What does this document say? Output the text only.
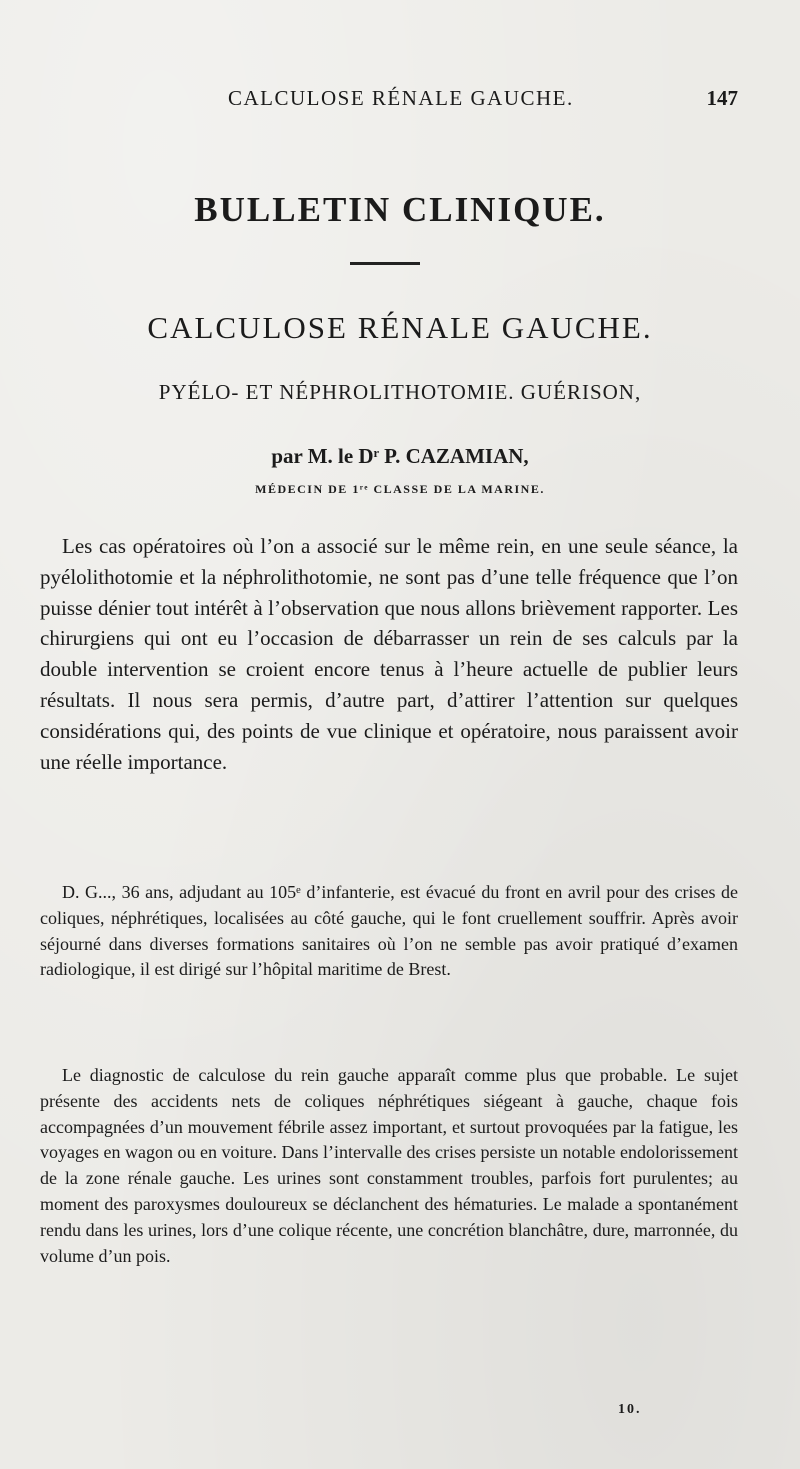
CALCULOSE RÉNALE GAUCHE.	147
BULLETIN CLINIQUE.
CALCULOSE RÉNALE GAUCHE.
PYÉLO- ET NÉPHROLITHOTOMIE. GUÉRISON,
par M. le Dʳ P. CAZAMIAN,
MÉDECIN DE 1ʳᵉ CLASSE DE LA MARINE.

Les cas opératoires où l’on a associé sur le même rein, en une seule séance, la pyélolithotomie et la néphrolithotomie, ne sont pas d’une telle fréquence que l’on puisse dénier tout intérêt à l’observation que nous allons brièvement rapporter. Les chirurgiens qui ont eu l’occasion de débarrasser un rein de ses calculs par la double intervention se croient encore tenus à l’heure actuelle de publier leurs résultats. Il nous sera permis, d’autre part, d’attirer l’attention sur quelques considérations qui, des points de vue clinique et opératoire, nous paraissent avoir une réelle importance.

D. G..., 36 ans, adjudant au 105ᵉ d’infanterie, est évacué du front en avril pour des crises de coliques, néphrétiques, localisées au côté gauche, qui le font cruellement souffrir. Après avoir séjourné dans diverses formations sanitaires où l’on ne semble pas avoir pratiqué d’examen radiologique, il est dirigé sur l’hôpital maritime de Brest.

Le diagnostic de calculose du rein gauche apparaît comme plus que probable. Le sujet présente des accidents nets de coliques néphrétiques siégeant à gauche, chaque fois accompagnées d’un mouvement fébrile assez important, et surtout provoquées par la fatigue, les voyages en wagon ou en voiture. Dans l’intervalle des crises persiste un notable endolorissement de la zone rénale gauche. Les urines sont constamment troubles, parfois fort purulentes; au moment des paroxysmes douloureux se déclanchent des hématuries. Le malade a spontanément rendu dans les urines, lors d’une colique récente, une concrétion blanchâtre, dure, marronnée, du volume d’un pois.

10.
